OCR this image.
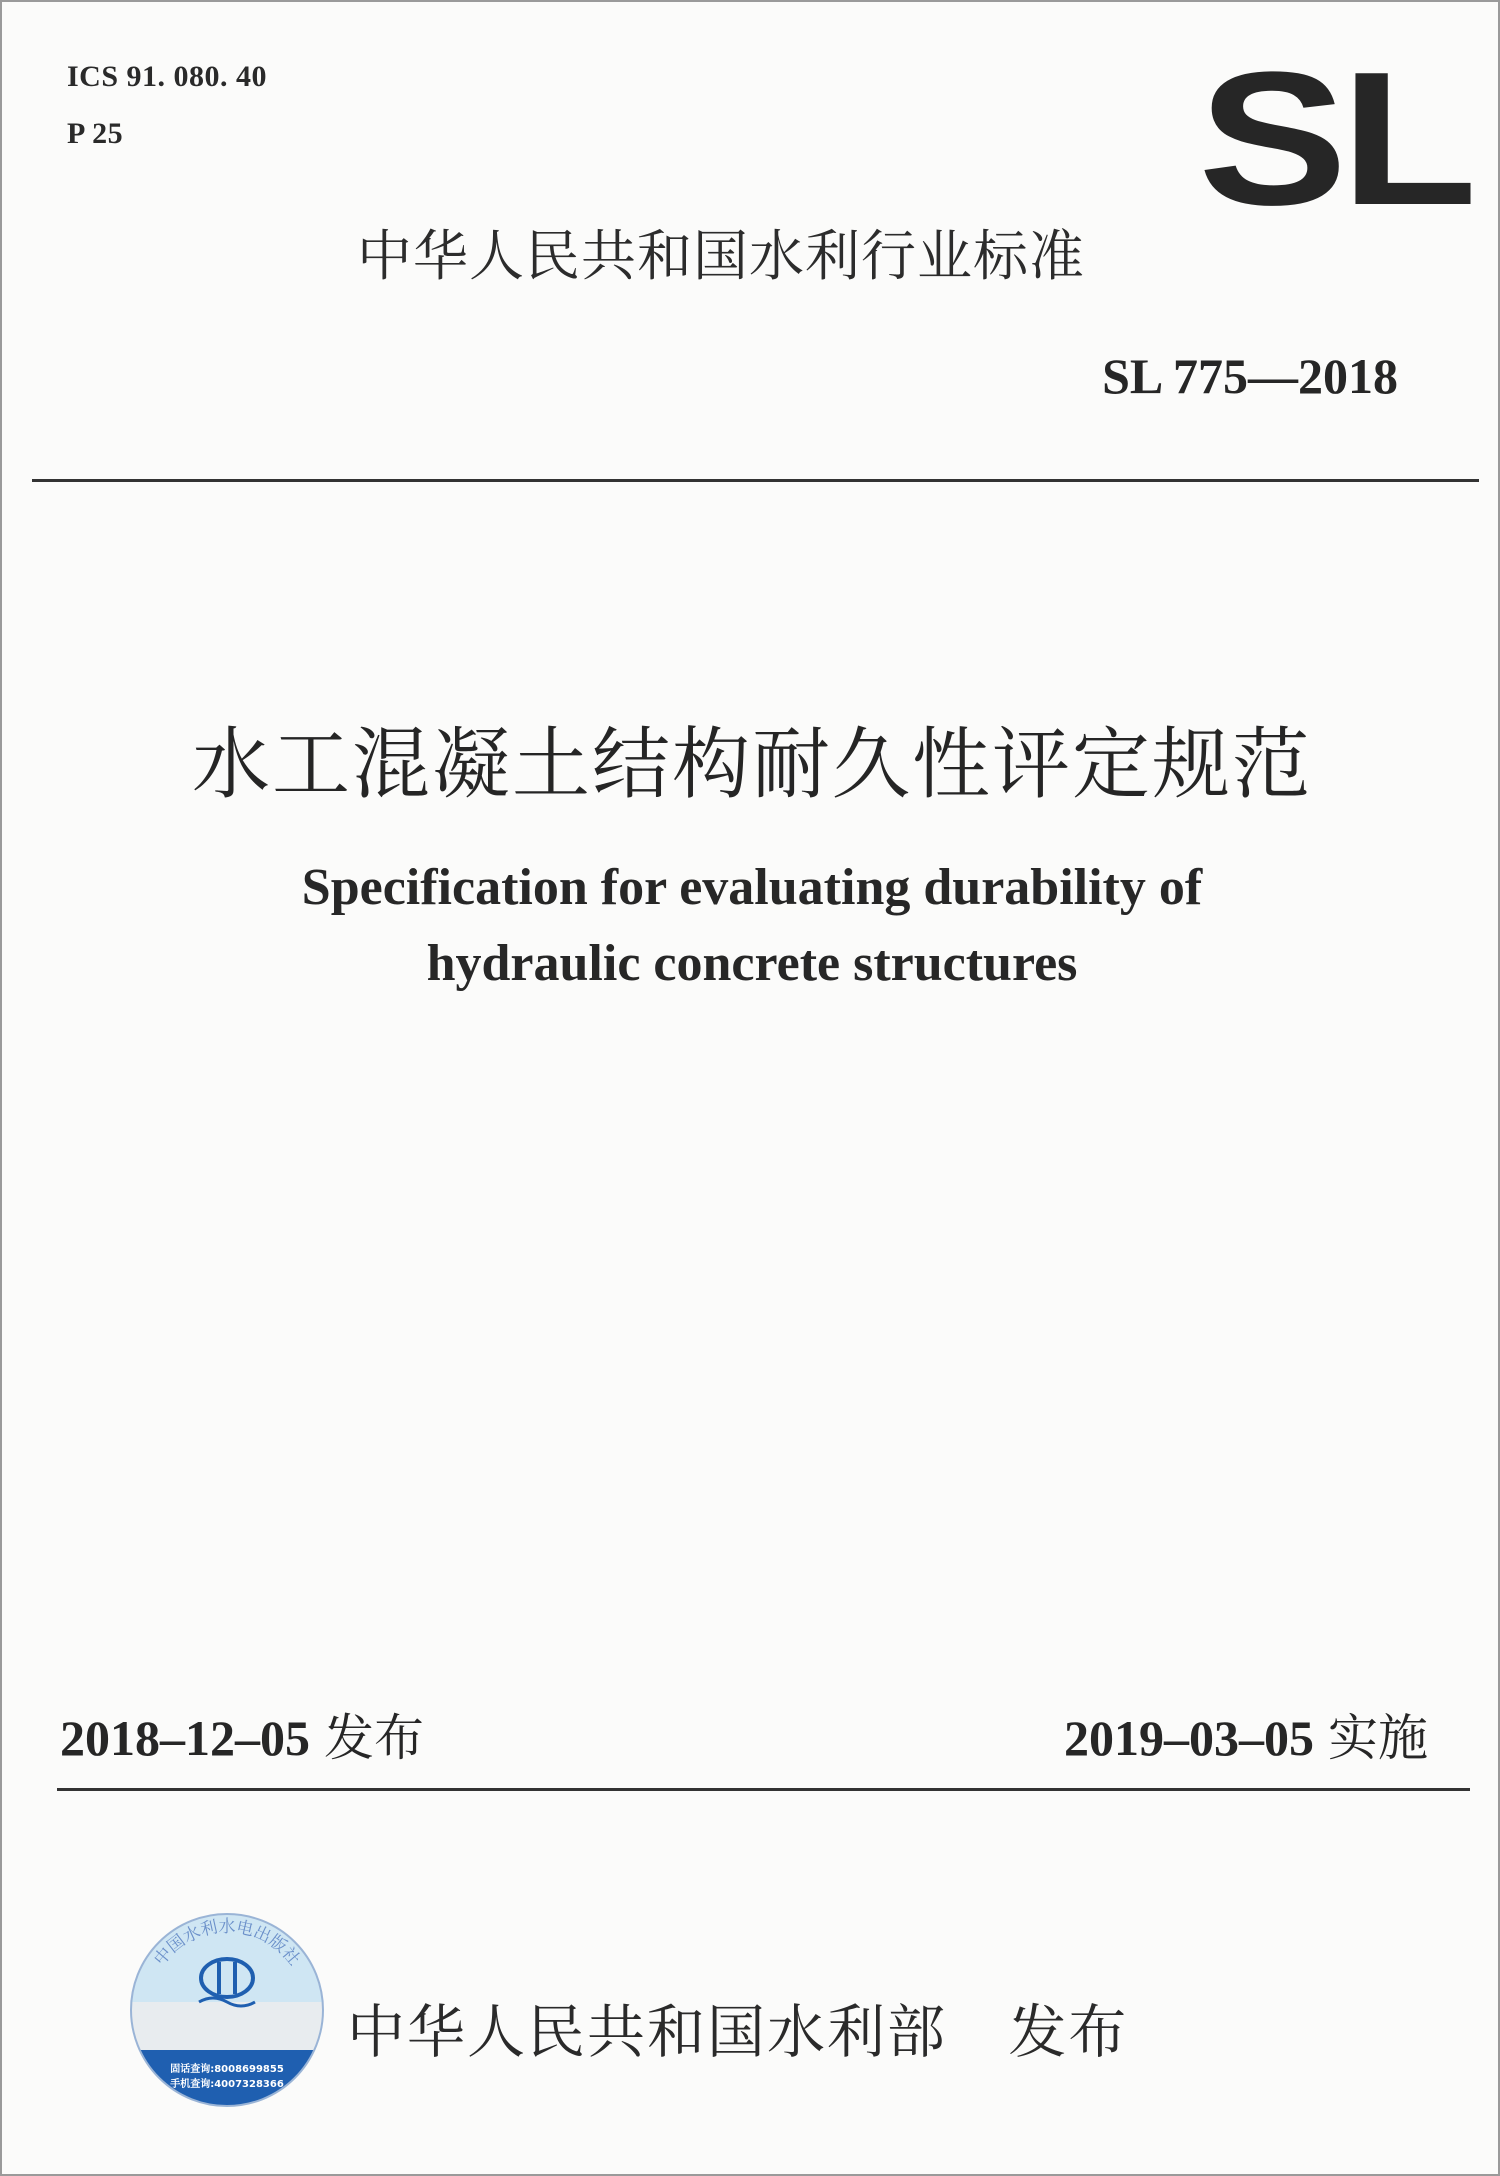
ICS 91. 080. 40

P 25	SL

中华人民共和国水利行业标准

SL 775—2018

水工混凝土结构耐久性评定规范
Specification for evaluating durability of
hydraulic concrete structures

2018–12–05 发布	2019–03–05 实施

中国水利水电出版社
固话查询:8008699855
手机查询:4007328366

中华人民共和国水利部 发布
